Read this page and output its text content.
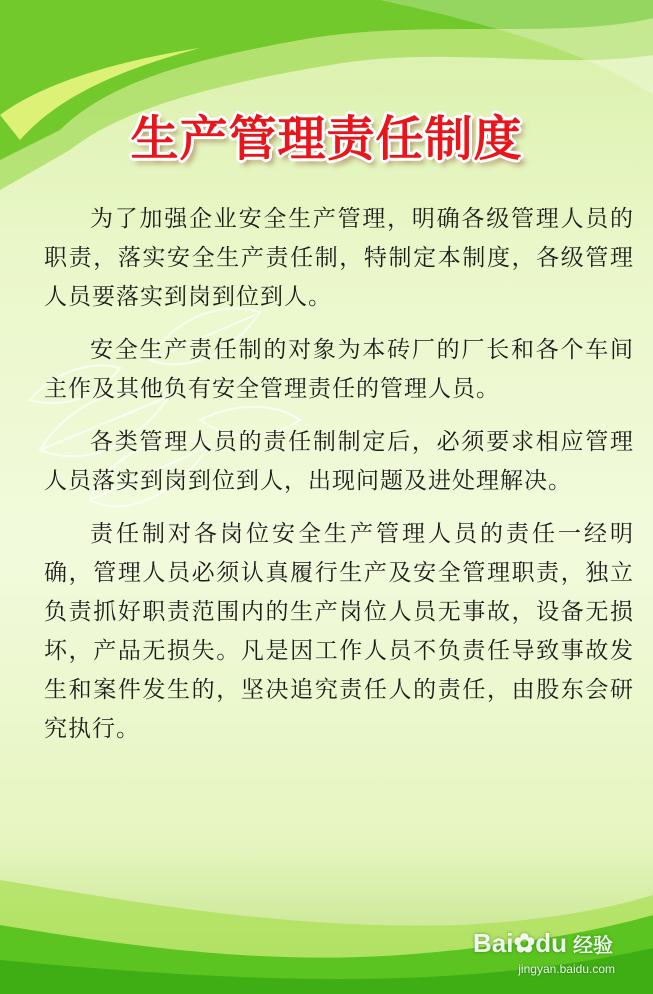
生产管理责任制度

为了加强企业安全生产管理，明确各级管理人员的职责，落实安全生产责任制，特制定本制度，各级管理人员要落实到岗到位到人。

安全生产责任制的对象为本砖厂的厂长和各个车间主作及其他负有安全管理责任的管理人员。

各类管理人员的责任制制定后，必须要求相应管理人员落实到岗到位到人，出现问题及进处理解决。

责任制对各岗位安全生产管理人员的责任一经明确，管理人员必须认真履行生产及安全管理职责，独立负责抓好职责范围内的生产岗位人员无事故，设备无损坏，产品无损失。凡是因工作人员不负责任导致事故发生和案件发生的，坚决追究责任人的责任，由股东会研究执行。

Bai✿du 经验
jingyan.baidu.com
